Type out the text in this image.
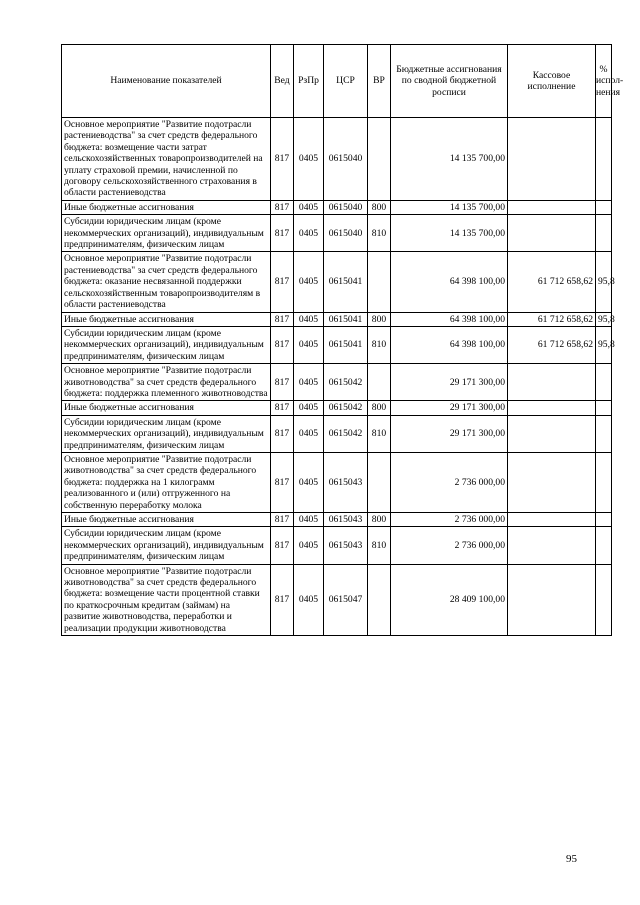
Наименование показателей	Вед	РзПр	ЦСР	ВР	Бюджетные ассигнования по сводной бюджетной росписи	Кассовое исполнение	% испол-нения
Основное мероприятие "Развитие подотрасли растениеводства" за счет средств федерального бюджета: возмещение части затрат сельскохозяйственных товаропроизводителей на уплату страховой премии, начисленной по договору сельскохозяйственного страхования в области растениеводства	817	0405	0615040		14 135 700,00		
Иные бюджетные ассигнования	817	0405	0615040	800	14 135 700,00		
Субсидии юридическим лицам (кроме некоммерческих организаций), индивидуальным предпринимателям, физическим лицам	817	0405	0615040	810	14 135 700,00		
Основное мероприятие "Развитие подотрасли растениеводства" за счет средств федерального бюджета: оказание несвязанной поддержки сельскохозяйственным товаропроизводителям в области растениеводства	817	0405	0615041		64 398 100,00	61 712 658,62	95,8
Иные бюджетные ассигнования	817	0405	0615041	800	64 398 100,00	61 712 658,62	95,8
Субсидии юридическим лицам (кроме некоммерческих организаций), индивидуальным предпринимателям, физическим лицам	817	0405	0615041	810	64 398 100,00	61 712 658,62	95,8
Основное мероприятие "Развитие подотрасли животноводства" за счет средств федерального бюджета: поддержка племенного животноводства	817	0405	0615042		29 171 300,00		
Иные бюджетные ассигнования	817	0405	0615042	800	29 171 300,00		
Субсидии юридическим лицам (кроме некоммерческих организаций), индивидуальным предпринимателям, физическим лицам	817	0405	0615042	810	29 171 300,00		
Основное мероприятие "Развитие подотрасли животноводства" за счет средств федерального бюджета: поддержка на 1 килограмм реализованного и (или) отгруженного на собственную переработку молока	817	0405	0615043		2 736 000,00		
Иные бюджетные ассигнования	817	0405	0615043	800	2 736 000,00		
Субсидии юридическим лицам (кроме некоммерческих организаций), индивидуальным предпринимателям, физическим лицам	817	0405	0615043	810	2 736 000,00		
Основное мероприятие "Развитие подотрасли животноводства" за счет средств федерального бюджета: возмещение части процентной ставки по краткосрочным кредитам (займам) на развитие животноводства, переработки и реализации продукции животноводства	817	0405	0615047		28 409 100,00		
95
